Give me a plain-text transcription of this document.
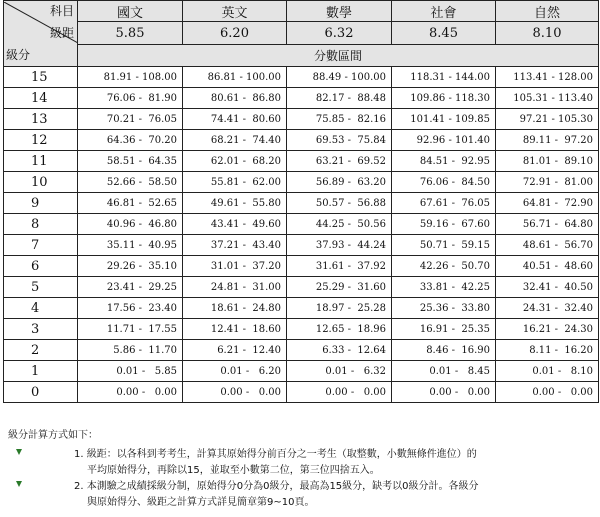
科目
級距
級分	國文	英文	數學	社會	自然
	5.85	6.20	6.32	8.45	8.10
	分數區間				
15	81.91 - 108.00	86.81 - 100.00	88.49 - 100.00	118.31 - 144.00	113.41 - 128.00
14	76.06 -  81.90	80.61 -  86.80	82.17 -  88.48	109.86 - 118.30	105.31 - 113.40
13	70.21 -  76.05	74.41 -  80.60	75.85 -  82.16	101.41 - 109.85	97.21 - 105.30
12	64.36 -  70.20	68.21 -  74.40	69.53 -  75.84	92.96 - 101.40	89.11 -  97.20
11	58.51 -  64.35	62.01 -  68.20	63.21 -  69.52	84.51 -  92.95	81.01 -  89.10
10	52.66 -  58.50	55.81 -  62.00	56.89 -  63.20	76.06 -  84.50	72.91 -  81.00
9	46.81 -  52.65	49.61 -  55.80	50.57 -  56.88	67.61 -  76.05	64.81 -  72.90
8	40.96 -  46.80	43.41 -  49.60	44.25 -  50.56	59.16 -  67.60	56.71 -  64.80
7	35.11 -  40.95	37.21 -  43.40	37.93 -  44.24	50.71 -  59.15	48.61 -  56.70
6	29.26 -  35.10	31.01 -  37.20	31.61 -  37.92	42.26 -  50.70	40.51 -  48.60
5	23.41 -  29.25	24.81 -  31.00	25.29 -  31.60	33.81 -  42.25	32.41 -  40.50
4	17.56 -  23.40	18.61 -  24.80	18.97 -  25.28	25.36 -  33.80	24.31 -  32.40
3	11.71 -  17.55	12.41 -  18.60	12.65 -  18.96	16.91 -  25.35	16.21 -  24.30
2	5.86 -  11.70	6.21 -  12.40	6.33 -  12.64	8.46 -  16.90	8.11 -  16.20
1	0.01 -   5.85	0.01 -   6.20	0.01 -   6.32	0.01 -   8.45	0.01 -   8.10
0	0.00 -   0.00	0.00 -   0.00	0.00 -   0.00	0.00 -   0.00	0.00 -   0.00
級分計算方式如下：
1. 級距：以各科到考考生，計算其原始得分前百分之一考生（取整數，小數無條件進位）的
平均原始得分，再除以15，並取至小數第二位，第三位四捨五入。
2. 本測驗之成績採級分制，原始得分0分為0級分，最高為15級分，缺考以0級分計。各級分
與原始得分、級距之計算方式詳見簡章第9~10頁。
